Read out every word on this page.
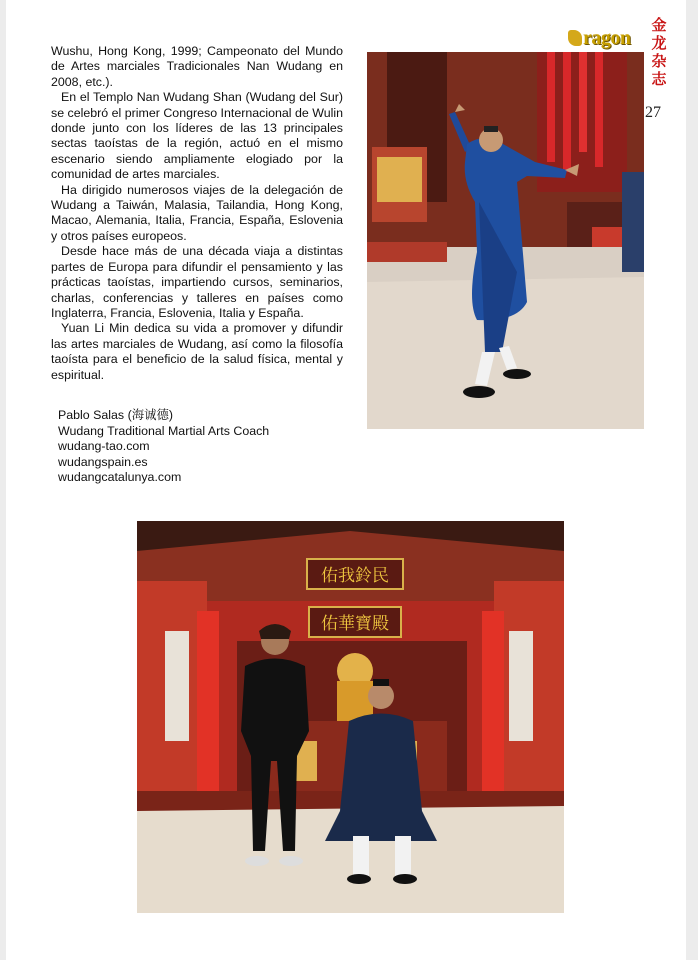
ragon
金龙杂志
27

Wushu, Hong Kong, 1999; Campeonato del Mundo de Artes marciales Tradicionales Nan Wudang en 2008, etc.).

En el Templo Nan Wudang Shan (Wudang del Sur) se celebró el primer Congreso Internacional de Wulin donde junto con los líderes de las 13 principales sectas taoístas de la región, actuó en el mismo escenario siendo ampliamente elogiado por la comunidad de artes marciales.

Ha dirigido numerosos viajes de la delegación de Wudang a Taiwán, Malasia, Tailandia, Hong Kong, Macao, Alemania, Italia, Francia, España, Eslovenia y otros países europeos.

Desde hace más de una década viaja a distintas partes de Europa para difundir el pensamiento y las prácticas taoístas, impartiendo cursos, seminarios, charlas, conferencias y talleres en países como Inglaterra, Francia, Eslovenia, Italia y España.

Yuan Li Min dedica su vida a promover y difundir las artes marciales de Wudang, así como la filosofía taoísta para el beneficio de la salud física, mental y espiritual.

Pablo Salas (海诚德)
Wudang Traditional Martial Arts Coach
wudang-tao.com
wudangspain.es
wudangcatalunya.com
佑我鈴民
佑華寶殿
